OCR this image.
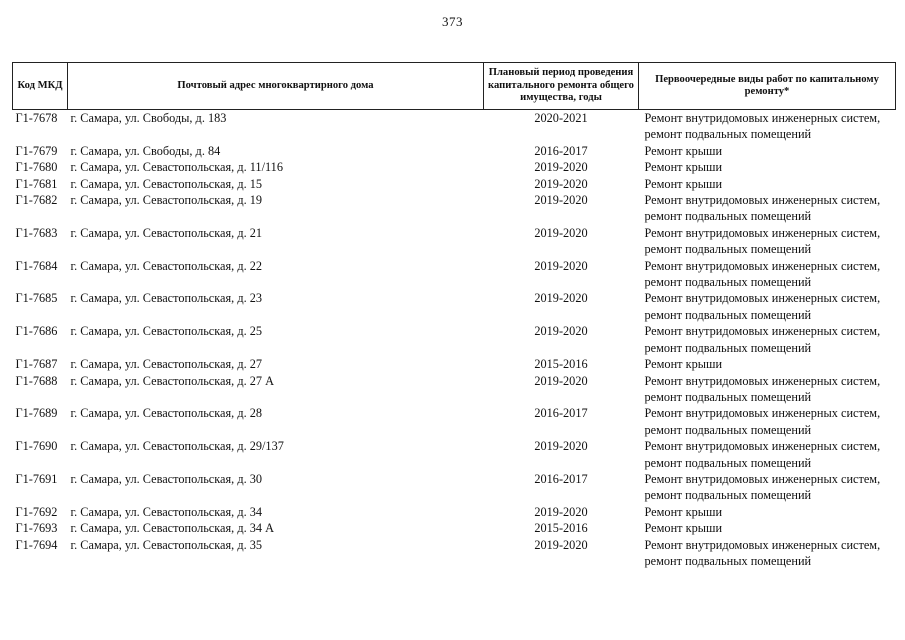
373
Код МКД	Почтовый адрес многоквартирного дома	Плановый период проведения капитального ремонта общего имущества, годы	Первоочередные виды работ по капитальному ремонту*
Г1-7678	г. Самара, ул. Свободы, д. 183	2020-2021	Ремонт внутридомовых инженерных систем, ремонт подвальных помещений
Г1-7679	г. Самара, ул. Свободы, д. 84	2016-2017	Ремонт крыши
Г1-7680	г. Самара, ул. Севастопольская, д. 11/116	2019-2020	Ремонт крыши
Г1-7681	г. Самара, ул. Севастопольская, д. 15	2019-2020	Ремонт крыши
Г1-7682	г. Самара, ул. Севастопольская, д. 19	2019-2020	Ремонт внутридомовых инженерных систем, ремонт подвальных помещений
Г1-7683	г. Самара, ул. Севастопольская, д. 21	2019-2020	Ремонт внутридомовых инженерных систем, ремонт подвальных помещений
Г1-7684	г. Самара, ул. Севастопольская, д. 22	2019-2020	Ремонт внутридомовых инженерных систем, ремонт подвальных помещений
Г1-7685	г. Самара, ул. Севастопольская, д. 23	2019-2020	Ремонт внутридомовых инженерных систем, ремонт подвальных помещений
Г1-7686	г. Самара, ул. Севастопольская, д. 25	2019-2020	Ремонт внутридомовых инженерных систем, ремонт подвальных помещений
Г1-7687	г. Самара, ул. Севастопольская, д. 27	2015-2016	Ремонт крыши
Г1-7688	г. Самара, ул. Севастопольская, д. 27 А	2019-2020	Ремонт внутридомовых инженерных систем, ремонт подвальных помещений
Г1-7689	г. Самара, ул. Севастопольская, д. 28	2016-2017	Ремонт внутридомовых инженерных систем, ремонт подвальных помещений
Г1-7690	г. Самара, ул. Севастопольская, д. 29/137	2019-2020	Ремонт внутридомовых инженерных систем, ремонт подвальных помещений
Г1-7691	г. Самара, ул. Севастопольская, д. 30	2016-2017	Ремонт внутридомовых инженерных систем, ремонт подвальных помещений
Г1-7692	г. Самара, ул. Севастопольская, д. 34	2019-2020	Ремонт крыши
Г1-7693	г. Самара, ул. Севастопольская, д. 34 А	2015-2016	Ремонт крыши
Г1-7694	г. Самара, ул. Севастопольская, д. 35	2019-2020	Ремонт внутридомовых инженерных систем, ремонт подвальных помещений
